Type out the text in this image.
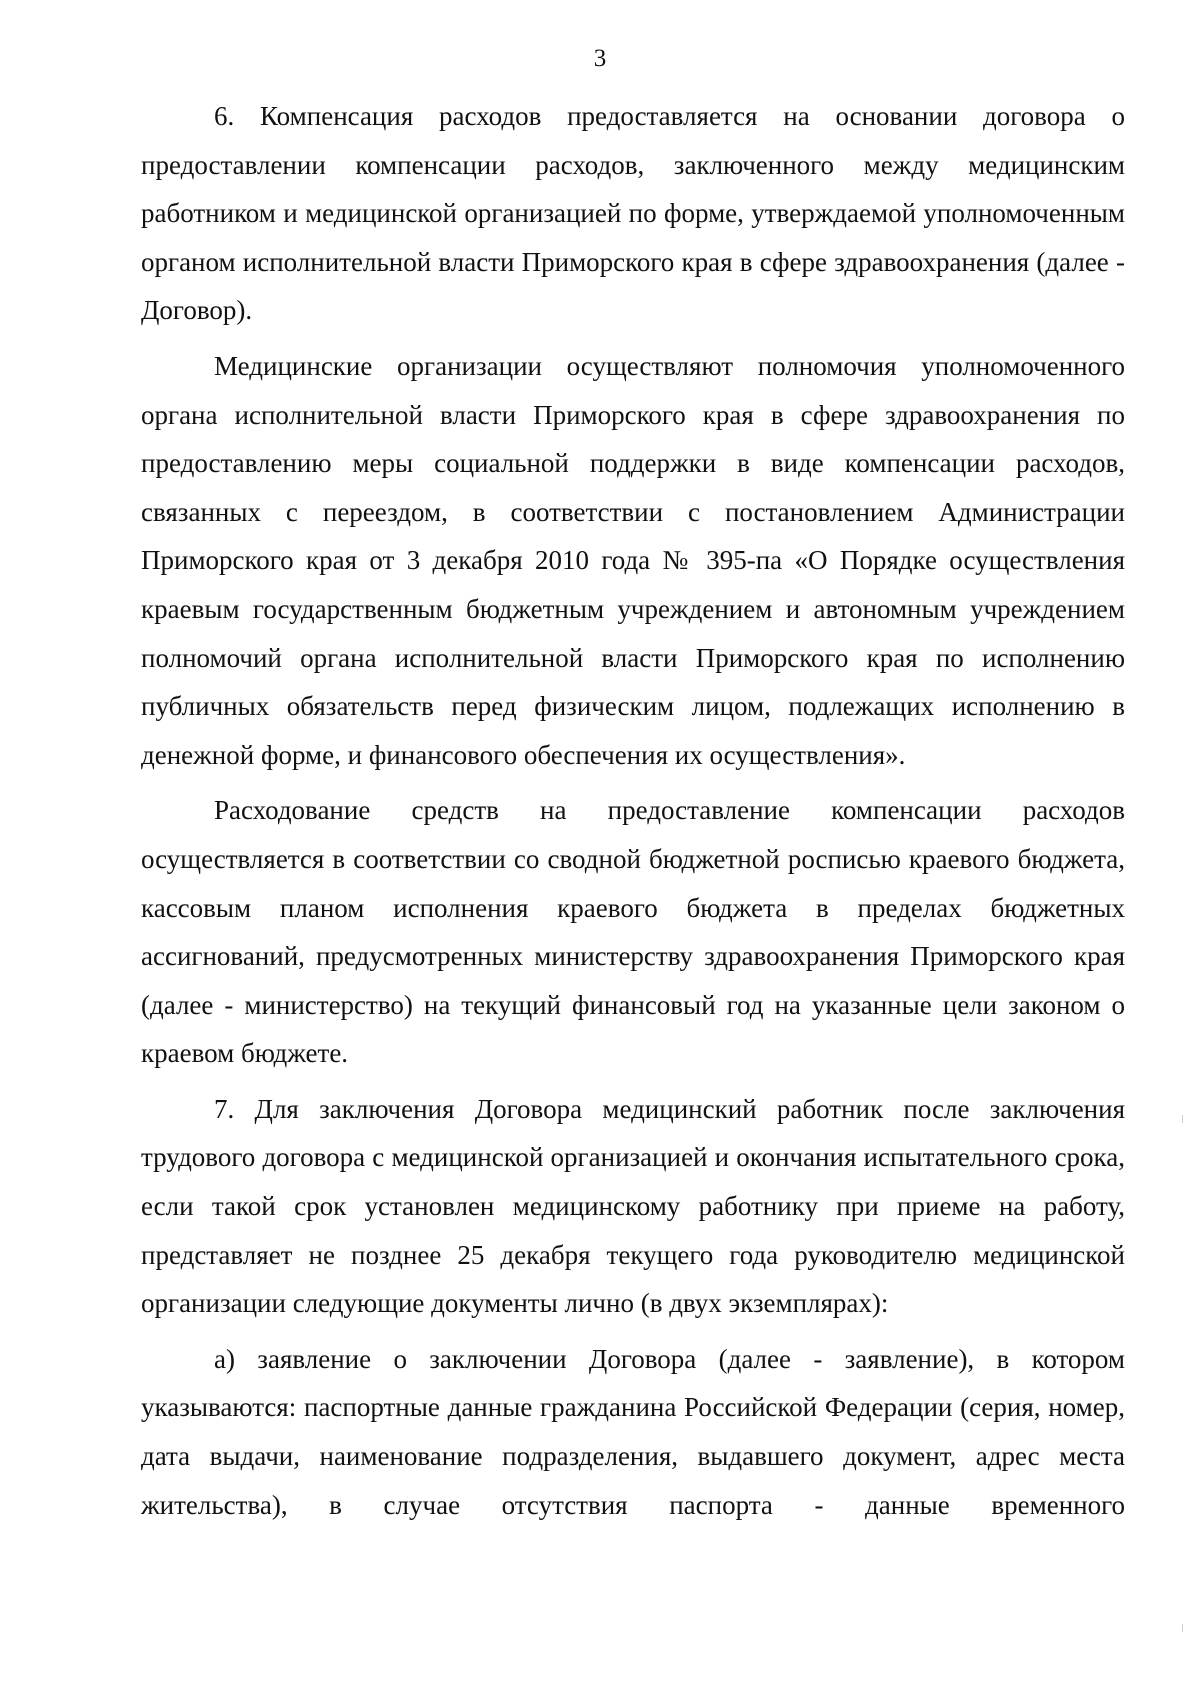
3

6. Компенсация расходов предоставляется на основании договора о предоставлении компенсации расходов, заключенного между медицинским работником и медицинской организацией по форме, утверждаемой уполномоченным органом исполнительной власти Приморского края в сфере здравоохранения (далее - Договор).

Медицинские организации осуществляют полномочия уполномоченного органа исполнительной власти Приморского края в сфере здравоохранения по предоставлению меры социальной поддержки в виде компенсации расходов, связанных с переездом, в соответствии с постановлением Администрации Приморского края от 3 декабря 2010 года № 395-па «О Порядке осуществления краевым государственным бюджетным учреждением и автономным учреждением полномочий органа исполнительной власти Приморского края по исполнению публичных обязательств перед физическим лицом, подлежащих исполнению в денежной форме, и финансового обеспечения их осуществления».

Расходование средств на предоставление компенсации расходов осуществляется в соответствии со сводной бюджетной росписью краевого бюджета, кассовым планом исполнения краевого бюджета в пределах бюджетных ассигнований, предусмотренных министерству здравоохранения Приморского края (далее - министерство) на текущий финансовый год на указанные цели законом о краевом бюджете.

7. Для заключения Договора медицинский работник после заключения трудового договора с медицинской организацией и окончания испытательного срока, если такой срок установлен медицинскому работнику при приеме на работу, представляет не позднее 25 декабря текущего года руководителю медицинской организации следующие документы лично (в двух экземплярах):

а) заявление о заключении Договора (далее - заявление), в котором указываются: паспортные данные гражданина Российской Федерации (серия, номер, дата выдачи, наименование подразделения, выдавшего документ, адрес места жительства), в случае отсутствия паспорта - данные временного
